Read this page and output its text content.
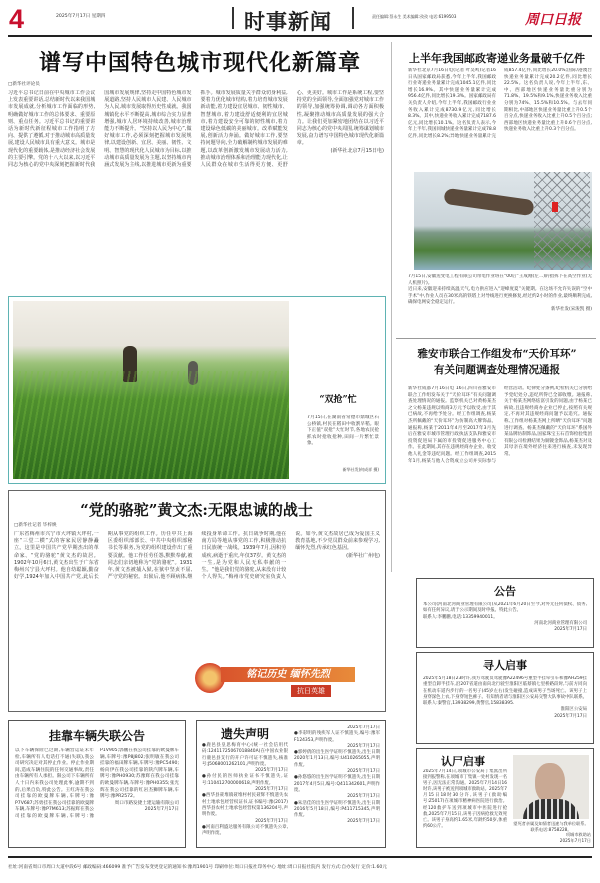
4	2025年7月17日 星期四	时事新闻	责任编辑:蔡永生 美术编辑:孜孜 电话:6199503	周口日报
谱写中国特色城市现代化新篇章
□新华社评论员
习近平总书记日前在中央城市工作会议上发表重要讲话,总结新时代以来我国城市发展成就,分析城市工作面临的形势,明确做好城市工作的总体要求、重要原则、重点任务。习近平总书记的重要讲话为新时代新征程城市工作指明了方向、提供了遵循,对于推动城市高质量发展,建设人民城市具有重大意义。城市是现代化的重要载体,是推动经济社会发展的主要引擎。党的十八大以来,以习近平同志为核心的党中央深刻把握新时代我国城市发展规律,坚持走中国特色城市发展道路,坚持人民城市人民建、人民城市为人民,城市发展取得历史性成就。我国城镇化水平不断提高,城市综合实力显著增强,城市人居环境持续改善,城市治理能力不断提升。“坚持以人民为中心”,做好城市工作,必须深刻把握城市发展规律,以建设创新、宜居、美丽、韧性、文明、智慧的现代化人民城市为目标,以推动城市高质量发展为主题,以坚持城市内涵式发展为主线,以推进城市更新为重要抓手。城市发展质量关乎群众切身利益,要着力优化城市结构,着力培育城市发展新动能,着力建设宜居城市、韧性城市、智慧城市,着力建设舒适便利的宜居城市,着力建设安全可靠的韧性城市,着力建设绿色低碳的美丽城市。改革赋能发展,创新活力奔涌。做好城市工作,要坚持问题导向,全力破解制约城市发展的难题,以改革创新激发城市发展动力活力,推动城市治理体系和治理能力现代化,让人民群众在城市生活得更方便、更舒心、更美好。城市工作是系统工程,要坚持党的全面领导,全面加强党对城市工作的领导,加强统筹协调,调动各方面积极性,凝聚推动城市高质量发展的强大合力。让我们更加紧密地团结在以习近平同志为核心的党中央周围,统筹谋划城市发展,奋力谱写中国特色城市现代化新篇章。
(新华社北京7月15日电)
“双抢”忙
7月15日,在湖南省常德市鼎城区石公桥镇,村民在稻田中收割早稻。眼下正值“双抢”大忙时节,各地农民抢抓农时抢收抢种,田间一片繁忙景象。
新华社发(何成祥 摄)
“党的骆驼”黄文杰:无限忠诚的战士
□新华社记者 毕梓焕
广东省梅州市兴宁市大坪镇大坪村,一座“三堂二横”式的客家民居静静矗立。这里是中国共产党早期杰出的革命家、“党的骆驼”黄文杰的故居。1902年10月6日,黄文杰出生于广东省梅州兴宁县大坪村。他自幼聪颖,勤奋好学,1924年加入中国共产党,此后长期从事党的组织工作。历任中共上海区委组织部部长、中共中央组织部秘书长等职务,为党的组织建设作出了重要贡献。他工作任劳任怨,默默奉献,被同志们亲切地称为“党的骆驼”。1931年,黄文杰被捕入狱,在狱中坚贞不屈,严守党的秘密。出狱后,他不顾病体,继续投身革命工作。抗日战争时期,他在南方局等地从事党的工作,积极推动抗日民族统一战线。1939年7月,因积劳成疾,病逝于重庆,年仅37岁。黄文杰的一生,是为党和人民无私奉献的一生。“他是我们党的骆驼,从来没有计较个人得失。”梅州市党史研究室负责人说。如今,黄文杰故居已成为爱国主义教育基地,不少党员群众前来参观学习,缅怀先烈,传承红色基因。
(新华社广州电)
铭记历史 缅怀先烈
抗日英雄
挂靠车辆失联公告
以下车辆保险已过期,车辆营运证未年检,车辆所有人电话打不通(失联),我公司研究决定对其停止作业。停止作业期间,造成车辆住院的任何交通事故,责任由车辆所有人承担。限公司下车辆所有人十日内来我公司处理此事,逾期不到的,后果自负,特此公告。王红涛在我公司挂靠的欧曼牌车辆,车牌号:豫P7V687;苏勇挂在我公司挂靠的欧曼牌车辆,车牌号:豫P7M613;苏振辉在我公司挂靠的欧曼牌车辆,车牌号:豫P1V905;郭鹏在我公司挂靠的欧曼牌车辆,车牌号:豫P8J802;张明敏在我公司挂靠的福田牌车辆,车牌号:豫PC5490;杨向伊在我公司挂靠的陕汽牌车辆,车牌号:豫PH0930;苏豫辉在我公司挂靠的欧曼牌车辆,车牌号:豫PH0355;张光辉在我公司挂靠的红岩杰狮牌车辆,车牌号:豫PR2572。
周口市路发捷土建运输有限公司
2025年7月17日
遗失声明
●鹿邑县皇思梅育中心(统一社会信用代码:12411725067018840A)在中国农业银行鹿邑县支行的开户许可证不慎遗失,核准号:J5068001262101,声明作废。
2025年7月17日
●孙付民的医师执业证书不慎遗失,证号:110412700000618,声明作废。
2025年7月17日
●西华县聂堆镇聂堆村村民聂辉不慎遗失农村土地承包经营权证书,证书编号:豫(2017)西华县农村土地承包经营权第136204号,声明作废。
2025年7月17日
●河南百利盛达服务有限公司不慎遗失公章,声明作废。
2025年7月17日
●李彩明的残疾军人证不慎遗失,编号:豫军F124353,声明作废。
2025年7月17日
●郭婷倩的出生医学证明不慎遗失,出生日期2020年1月13日,编号:U410265055,声明作废。
2025年7月17日
●孙悠悠的出生医学证明不慎遗失,出生日期2017年4月5日,编号:Q411342601,声明作废。
2025年7月17日
●朱浩佳的出生医学证明不慎遗失,出生日期2016年5月18日,编号:P411715345,声明作废。
2025年7月17日
上半年我国邮政寄递业务量破千亿件
新华社北京7月16日电(记者 叶昊鸣)记者16日从国家邮政局获悉,今年上半年,我国邮政行业寄递业务量累计完成1045.1亿件,同比增长16.9%。其中快递业务量累计完成956.4亿件,同比增长19.3%。国家邮政局有关负责人介绍,今年上半年,我国邮政行业业务收入累计完成8730.9亿元,同比增长8.3%。其中,快递业务收入累计完成7187.6亿元,同比增长10.1%。这名负责人表示,今年上半年,我国同城快递业务量累计完成78.8亿件,同比增长8.2%;异地快递业务量累计完成857.4亿件,同比增长20.0%;国际/港澳台快递业务量累计完成20.2亿件,同比增长22.5%。这名负责人说,今年上半年,东、中、西部地区快递业务量比重分别为71.8%、19.5%和9.1%,快递业务收入比重分别为74%、15.5%和10.5%。与去年同期相比,中部地区快递业务量比重上升0.5个百分点,快递业务收入比重上升0.5个百分点;西部地区快递业务量比重上升0.6个百分点,快递业务收入比重上升0.3个百分点。
7月15日,安徽送变电工程有限公司带电作业班在“00后”王成刚(左二)的指挥下在高空作业(无人机照片)。
近日来,安徽迎来持续高温天气,电力供应进入“迎峰度夏”关键期。在这场不允许失误的“空中手术”中,作业人员在30米高的铁塔上对导线进行更换修复,经过约2小时的作业,最终顺利完成,确保电网安全稳定运行。
新华社发(宋浚凯 摄)
雅安市联合工作组发布“天价耳环”
有关问题调查处理情况通报
新华社成都7月16日电 16日,四川省雅安市联合工作组发布关于“天价耳环”有关问题调查处理情况的通报。监察机关已对黄杨某杰之父杨某违规以购商3万元予以收受,由于其已病故,不再给予处分。经工作组调查,杨某杰所佩戴的“天价耳环”为仿制高大牌饰品。通报称,杨某于2011年4月至2017年3月先后在雅安市城市管理行政执法支队和雅安市投资促进局下属的市投资促进服务中心工作。在此期间,其存在违规经商办企业、收受他人礼金等违纪问题。经工作组调查,2015年1月,杨某与他人合资成立公司并实际参与经营活动。纪律处分条例,纪检机关已分别给予党纪处分,违纪所得已全部收缴。通报称,关于杨某杰网络炫富引发的问题,由于杨某已病故,且违规经商办企业已停止,按照有关规定,不再对其违规经商问题予以追究。通报称,工作组对杨某杰网上所晒“天价耳环”问题进行调查。杨某杰佩戴的“天价耳环”系国外某品牌仿制饰品,国家珠宝玉石首饰检验集团有限公司检测结果为铜镀金饰品,杨某杰对及其母亲在境外经济往来进行核查,未发现异常。
公告
本公司(河南北河商业管理有限公司)从2021年6月20日至今,对外无任何债权、债务,如有任何异议,请于公示期间及时申报。特此公告。
联系人:李鹏鹏,电话:13359940011。
河南北河商业管理有限公司
2025年7月17日
寻人启事
2025年5月18日23时许,我方驾驶员驾驶豫A22496号重型半挂牵引车和豫AH259挂重型自卸半挂车,沿207省道由南向北行驶至淮阳区临蔡镇七里桥路段时,与前方同向在机动车道内步行的一名男子(45岁左右)发生碰撞,造成该男子当场死亡。该男子上身穿深色上衣,下身穿短色裤子。有知情者请与淮阳区公安局交警大队事故中队联系。联系人:秦警官,13938299,黄警官,15838395.
淮阳区公安局
2025年7月17日
认尸启事
2025年7月14日,项城市公安局丁集派出所接到报警称,在项城市丁集镇一处村发现一名男子,因无法正常沟通。2025年7月14日16时许,该男子被送到项城市救助站。2025年7月15日18时30分许,该男子(救助编号:Z5017)在项城市精神病医院进行救治。经120救护车送到项城市中医院进行抢救,2025年7月15日,该男子因病抢救无效死亡。该男子身高约1.65米,年龄约50岁,体重约60公斤。
望死者亲属及知情者迅速与我单位联系。
联系电话:8758228。
项城市救助站
2025年7月17日
社址:河南省周口市周口大道中段6号 邮政编码:466099 准予广告发布变更登记的通知书:豫周1901号 印刷单位:周口日报社印务中心 地址:周口日报社院内 发行方式:自办发行 定价:1.60元
